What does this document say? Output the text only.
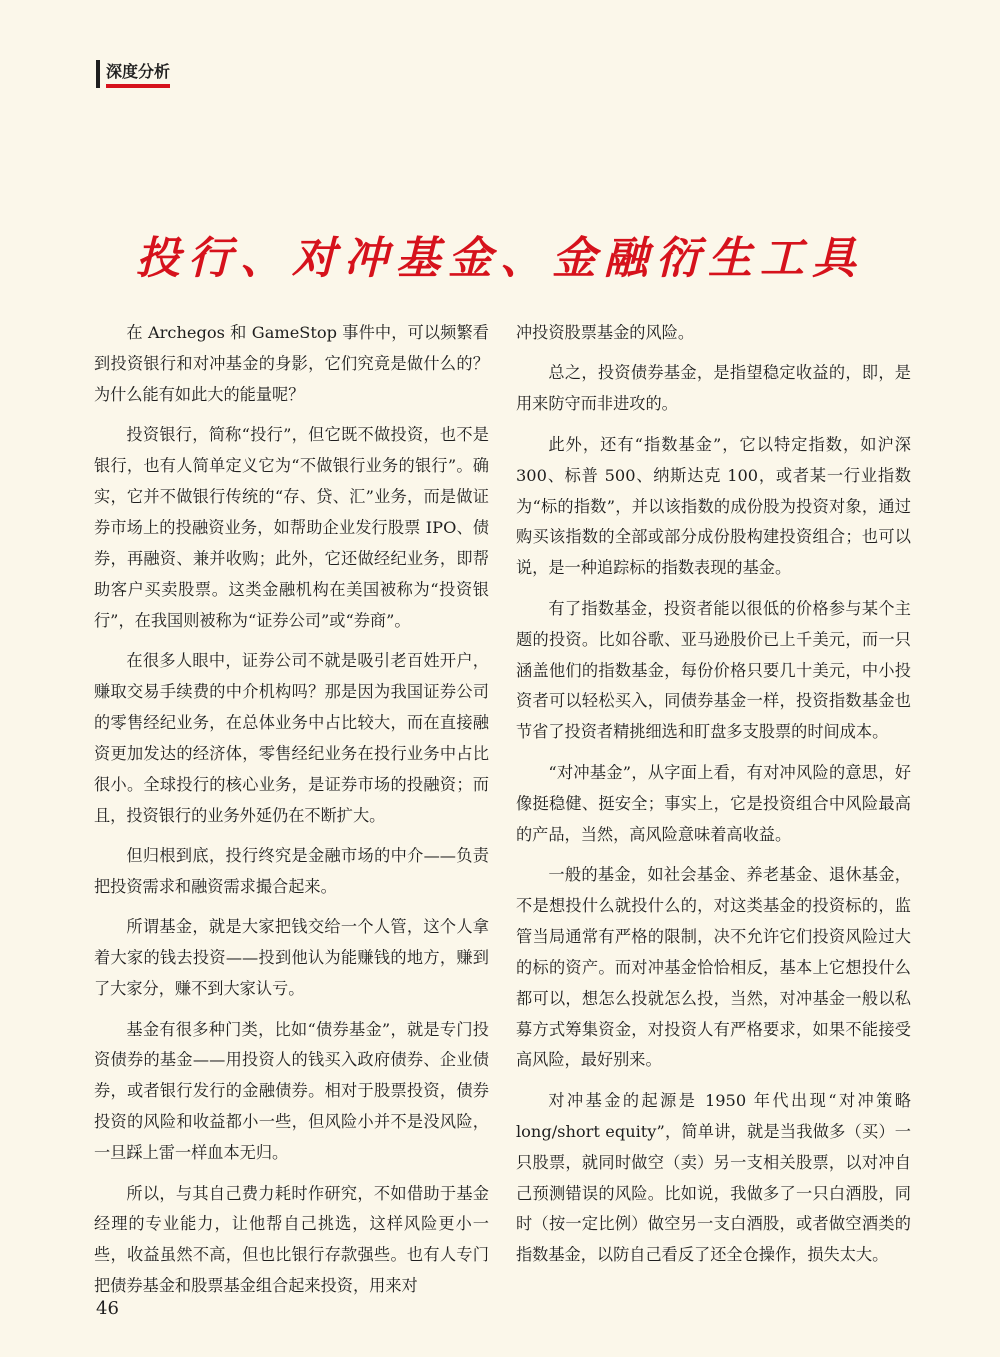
深度分析
投行、对冲基金、金融衍生工具

在 Archegos 和 GameStop 事件中，可以频繁看到投资银行和对冲基金的身影，它们究竟是做什么的？为什么能有如此大的能量呢？

投资银行，简称“投行”，但它既不做投资，也不是银行，也有人简单定义它为“不做银行业务的银行”。确实，它并不做银行传统的“存、贷、汇”业务，而是做证券市场上的投融资业务，如帮助企业发行股票 IPO、债券，再融资、兼并收购；此外，它还做经纪业务，即帮助客户买卖股票。这类金融机构在美国被称为“投资银行”，在我国则被称为“证券公司”或“券商”。

在很多人眼中，证券公司不就是吸引老百姓开户，赚取交易手续费的中介机构吗？那是因为我国证券公司的零售经纪业务，在总体业务中占比较大，而在直接融资更加发达的经济体，零售经纪业务在投行业务中占比很小。全球投行的核心业务，是证券市场的投融资；而且，投资银行的业务外延仍在不断扩大。

但归根到底，投行终究是金融市场的中介——负责把投资需求和融资需求撮合起来。

所谓基金，就是大家把钱交给一个人管，这个人拿着大家的钱去投资——投到他认为能赚钱的地方，赚到了大家分，赚不到大家认亏。

基金有很多种门类，比如“债券基金”，就是专门投资债券的基金——用投资人的钱买入政府债券、企业债券，或者银行发行的金融债券。相对于股票投资，债券投资的风险和收益都小一些，但风险小并不是没风险，一旦踩上雷一样血本无归。

所以，与其自己费力耗时作研究，不如借助于基金经理的专业能力，让他帮自己挑选，这样风险更小一些，收益虽然不高，但也比银行存款强些。也有人专门把债券基金和股票基金组合起来投资，用来对

冲投资股票基金的风险。

总之，投资债券基金，是指望稳定收益的，即，是用来防守而非进攻的。

此外，还有“指数基金”，它以特定指数，如沪深 300、标普 500、纳斯达克 100，或者某一行业指数为“标的指数”，并以该指数的成份股为投资对象，通过购买该指数的全部或部分成份股构建投资组合；也可以说，是一种追踪标的指数表现的基金。

有了指数基金，投资者能以很低的价格参与某个主题的投资。比如谷歌、亚马逊股价已上千美元，而一只涵盖他们的指数基金，每份价格只要几十美元，中小投资者可以轻松买入，同债券基金一样，投资指数基金也节省了投资者精挑细选和盯盘多支股票的时间成本。

“对冲基金”，从字面上看，有对冲风险的意思，好像挺稳健、挺安全；事实上，它是投资组合中风险最高的产品，当然，高风险意味着高收益。

一般的基金，如社会基金、养老基金、退休基金，不是想投什么就投什么的，对这类基金的投资标的，监管当局通常有严格的限制，决不允许它们投资风险过大的标的资产。而对冲基金恰恰相反，基本上它想投什么都可以，想怎么投就怎么投，当然，对冲基金一般以私募方式筹集资金，对投资人有严格要求，如果不能接受高风险，最好别来。

对冲基金的起源是 1950 年代出现“对冲策略 long/short equity”，简单讲，就是当我做多（买）一只股票，就同时做空（卖）另一支相关股票，以对冲自己预测错误的风险。比如说，我做多了一只白酒股，同时（按一定比例）做空另一支白酒股，或者做空酒类的指数基金，以防自己看反了还全仓操作，损失太大。

46
